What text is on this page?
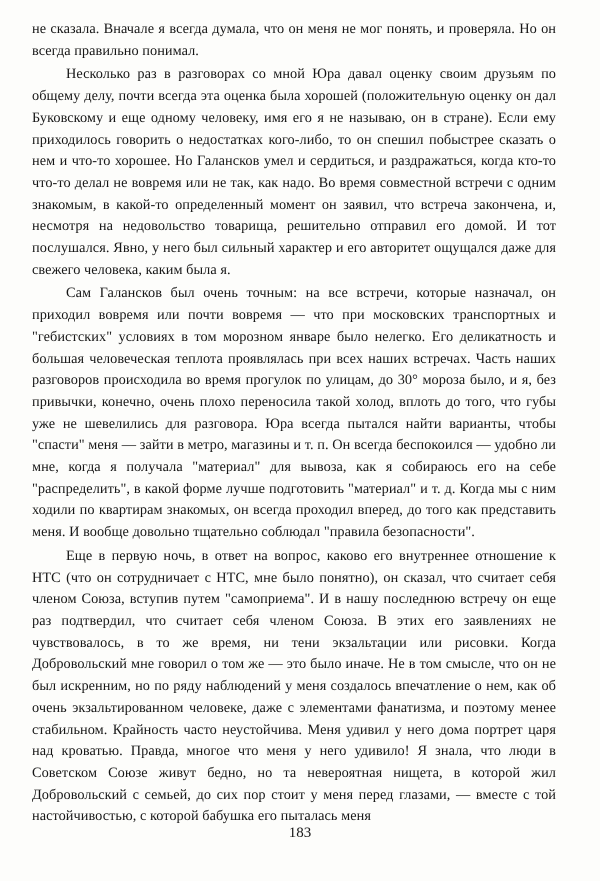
не сказала. Вначале я всегда думала, что он меня не мог понять, и проверяла. Но он всегда правильно понимал.

Несколько раз в разговорах со мной Юра давал оценку своим друзьям по общему делу, почти всегда эта оценка была хорошей (положительную оценку он дал Буковскому и еще одному человеку, имя его я не называю, он в стране). Если ему приходилось говорить о недостатках кого-либо, то он спешил побыстрее сказать о нем и что-то хорошее. Но Галансков умел и сердиться, и раздражаться, когда кто-то что-то делал не вовремя или не так, как надо. Во время совместной встречи с одним знакомым, в какой-то определенный момент он заявил, что встреча закончена, и, несмотря на недовольство товарища, решительно отправил его домой. И тот послушался. Явно, у него был сильный характер и его авторитет ощущался даже для свежего человека, каким была я.

Сам Галансков был очень точным: на все встречи, которые назначал, он приходил вовремя или почти вовремя — что при московских транспортных и "гебистских" условиях в том морозном январе было нелегко. Его деликатность и большая человеческая теплота проявлялась при всех наших встречах. Часть наших разговоров происходила во время прогулок по улицам, до 30° мороза было, и я, без привычки, конечно, очень плохо переносила такой холод, вплоть до того, что губы уже не шевелились для разговора. Юра всегда пытался найти варианты, чтобы "спасти" меня — зайти в метро, магазины и т. п. Он всегда беспокоился — удобно ли мне, когда я получала "материал" для вывоза, как я собираюсь его на себе "распределить", в какой форме лучше подготовить "материал" и т. д. Когда мы с ним ходили по квартирам знакомых, он всегда проходил вперед, до того как представить меня. И вообще довольно тщательно соблюдал "правила безопасности".

Еще в первую ночь, в ответ на вопрос, каково его внутреннее отношение к НТС (что он сотрудничает с НТС, мне было понятно), он сказал, что считает себя членом Союза, вступив путем "самоприема". И в нашу последнюю встречу он еще раз подтвердил, что считает себя членом Союза. В этих его заявлениях не чувствовалось, в то же время, ни тени экзальтации или рисовки. Когда Добровольский мне говорил о том же — это было иначе. Не в том смысле, что он не был искренним, но по ряду наблюдений у меня создалось впечатление о нем, как об очень экзальтированном человеке, даже с элементами фанатизма, и поэтому менее стабильном. Крайность часто неустойчива. Меня удивил у него дома портрет царя над кроватью. Правда, многое что меня у него удивило! Я знала, что люди в Советском Союзе живут бедно, но та невероятная нищета, в которой жил Добровольский с семьей, до сих пор стоит у меня перед глазами, — вместе с той настойчивостью, с которой бабушка его пыталась меня

183
